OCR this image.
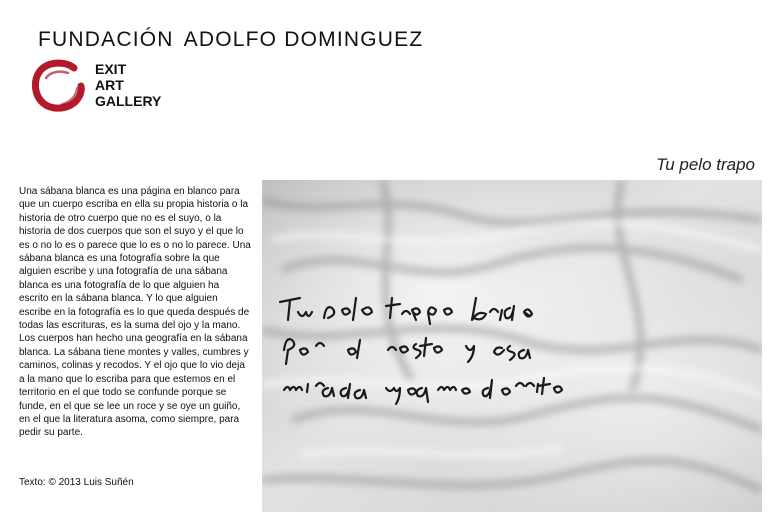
FUNDACIÓN ADOLFO DOMINGUEZ
EXIT
ART
GALLERY
Tu pelo trapo
Una sábana blanca es una página en blanco para que un cuerpo escriba en ella su propia historia o la historia de otro cuerpo que no es el suyo, o la historia de dos cuerpos que son el suyo y el que lo es o no lo es o parece que lo es o no lo parece. Una sábana blanca es una fotografía sobre la que alguien escribe y una fotografía de una sábana blanca es una fotografía de lo que alguien ha escrito en la sábana blanca. Y lo que alguien escribe en la fotografía es lo que queda después de todas las escrituras, es la suma del ojo y la mano. Los cuerpos han hecho una geografía en la sábana blanca. La sábana tiene montes y valles, cumbres y caminos, colinas y recodos. Y el ojo que lo vio deja a la mano que lo escriba para que estemos en el territorio en el que todo se confunde porque se funde, en el que se lee un roce y se oye un guiño, en el que la literatura asoma, como siempre, para pedir su parte.
Texto: © 2013 Luis Suñén
·
